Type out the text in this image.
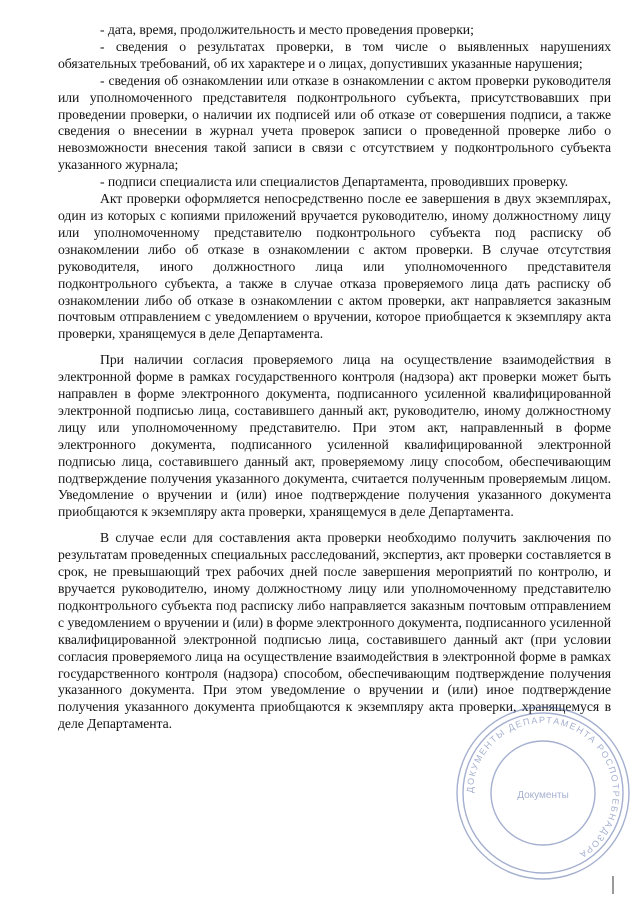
- дата, время, продолжительность и место проведения проверки;

- сведения о результатах проверки, в том числе о выявленных нарушениях обязательных требований, об их характере и о лицах, допустивших указанные нарушения;

- сведения об ознакомлении или отказе в ознакомлении с актом проверки руководителя или уполномоченного представителя подконтрольного субъекта, присутствовавших при проведении проверки, о наличии их подписей или об отказе от совершения подписи, а также сведения о внесении в журнал учета проверок записи о проведенной проверке либо о невозможности внесения такой записи в связи с отсутствием у подконтрольного субъекта указанного журнала;

- подписи специалиста или специалистов Департамента, проводивших проверку.

Акт проверки оформляется непосредственно после ее завершения в двух экземплярах, один из которых с копиями приложений вручается руководителю, иному должностному лицу или уполномоченному представителю подконтрольного субъекта под расписку об ознакомлении либо об отказе в ознакомлении с актом проверки. В случае отсутствия руководителя, иного должностного лица или уполномоченного представителя подконтрольного субъекта, а также в случае отказа проверяемого лица дать расписку об ознакомлении либо об отказе в ознакомлении с актом проверки, акт направляется заказным почтовым отправлением с уведомлением о вручении, которое приобщается к экземпляру акта проверки, хранящемуся в деле Департамента.

При наличии согласия проверяемого лица на осуществление взаимодействия в электронной форме в рамках государственного контроля (надзора) акт проверки может быть направлен в форме электронного документа, подписанного усиленной квалифицированной электронной подписью лица, составившего данный акт, руководителю, иному должностному лицу или уполномоченному представителю. При этом акт, направленный в форме электронного документа, подписанного усиленной квалифицированной электронной подписью лица, составившего данный акт, проверяемому лицу способом, обеспечивающим подтверждение получения указанного документа, считается полученным проверяемым лицом. Уведомление о вручении и (или) иное подтверждение получения указанного документа приобщаются к экземпляру акта проверки, хранящемуся в деле Департамента.

В случае если для составления акта проверки необходимо получить заключения по результатам проведенных специальных расследований, экспертиз, акт проверки составляется в срок, не превышающий трех рабочих дней после завершения мероприятий по контролю, и вручается руководителю, иному должностному лицу или уполномоченному представителю подконтрольного субъекта под расписку либо направляется заказным почтовым отправлением с уведомлением о вручении и (или) в форме электронного документа, подписанного усиленной квалифицированной электронной подписью лица, составившего данный акт (при условии согласия проверяемого лица на осуществление взаимодействия в электронной форме в рамках государственного контроля (надзора) способом, обеспечивающим подтверждение получения указанного документа. При этом уведомление о вручении и (или) иное подтверждение получения указанного документа приобщаются к экземпляру акта проверки, хранящемуся в деле Департамента.

ДОКУМЕНТЫ ДЕПАРТАМЕНТА РОСПОТРЕБНАДЗОРА
Документы
